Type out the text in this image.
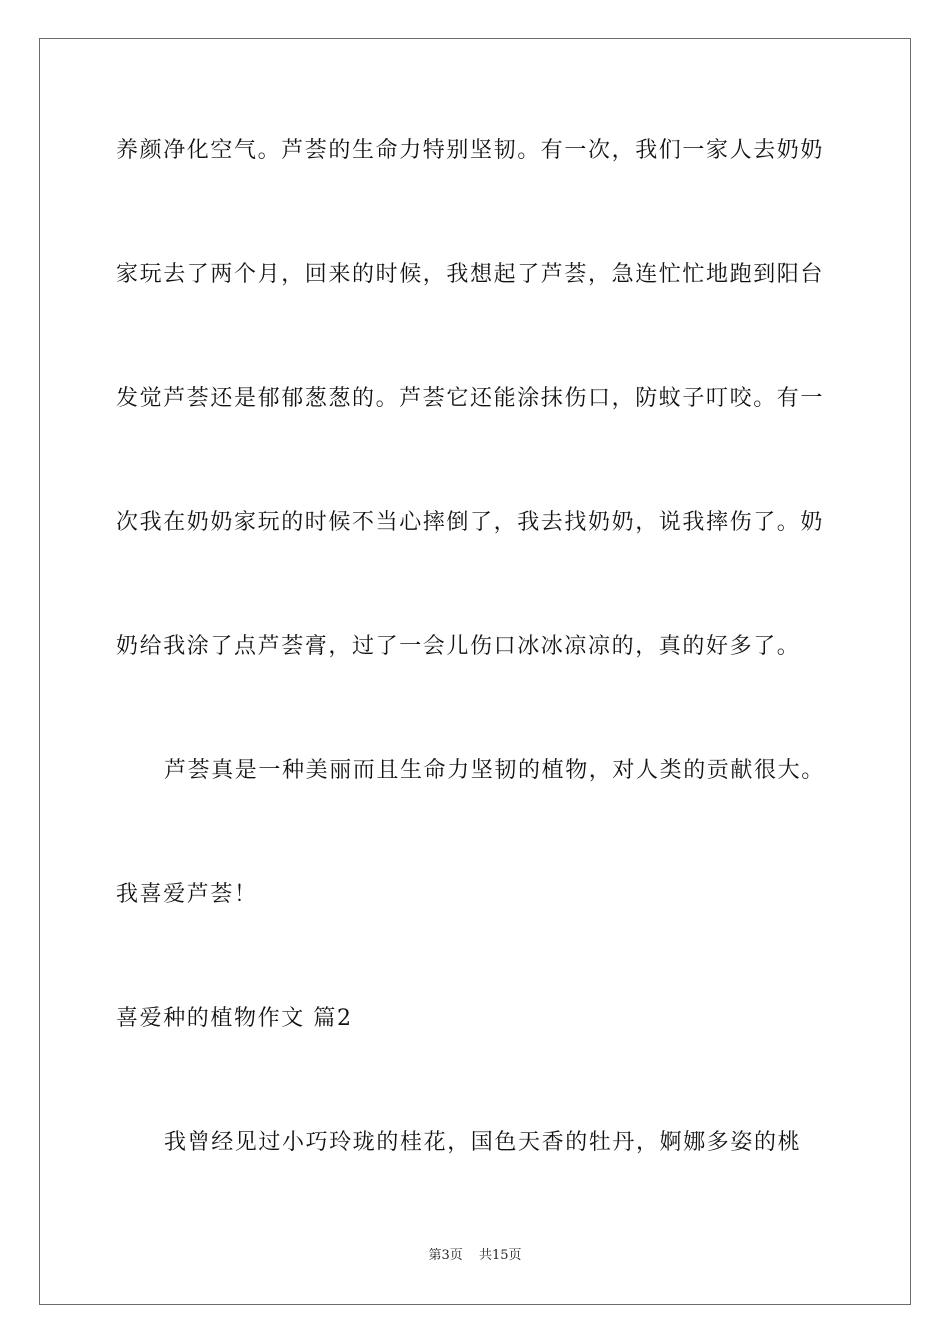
养颜净化空气。芦荟的生命力特别坚韧。有一次，我们一家人去奶奶
家玩去了两个月，回来的时候，我想起了芦荟，急连忙忙地跑到阳台
发觉芦荟还是郁郁葱葱的。芦荟它还能涂抹伤口，防蚊子叮咬。有一
次我在奶奶家玩的时候不当心摔倒了，我去找奶奶，说我摔伤了。奶
奶给我涂了点芦荟膏，过了一会儿伤口冰冰凉凉的，真的好多了。
芦荟真是一种美丽而且生命力坚韧的植物，对人类的贡献很大。
我喜爱芦荟！
喜爱种的植物作文 篇2
我曾经见过小巧玲珑的桂花，国色天香的牡丹，婀娜多姿的桃
第3页 共15页
